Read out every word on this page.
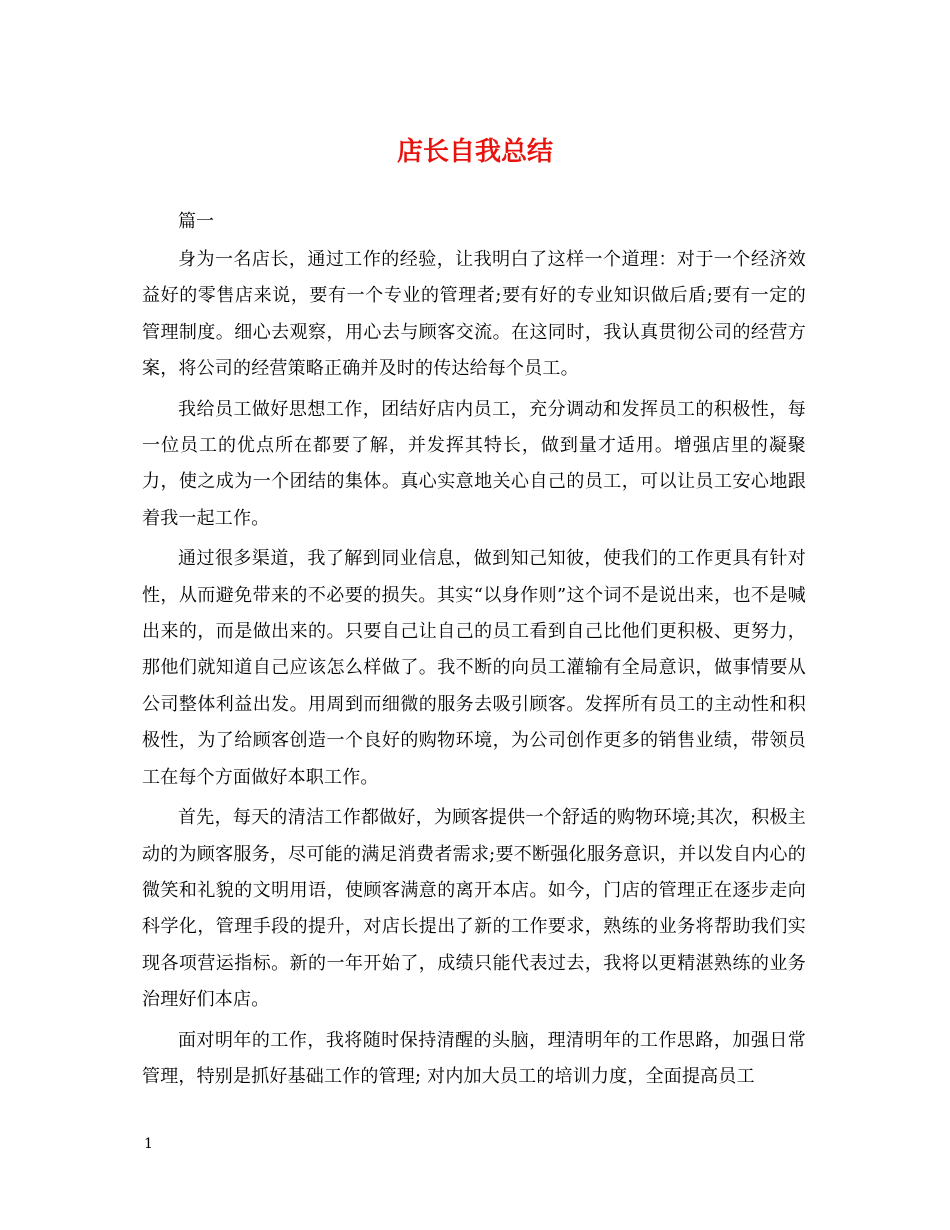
店长自我总结
篇一

身为一名店长，通过工作的经验，让我明白了这样一个道理：对于一个经济效益好的零售店来说，要有一个专业的管理者;要有好的专业知识做后盾;要有一定的管理制度。细心去观察，用心去与顾客交流。在这同时，我认真贯彻公司的经营方案，将公司的经营策略正确并及时的传达给每个员工。

我给员工做好思想工作，团结好店内员工，充分调动和发挥员工的积极性，每一位员工的优点所在都要了解，并发挥其特长，做到量才适用。增强店里的凝聚力，使之成为一个团结的集体。真心实意地关心自己的员工，可以让员工安心地跟着我一起工作。

通过很多渠道，我了解到同业信息，做到知己知彼，使我们的工作更具有针对性，从而避免带来的不必要的损失。其实“以身作则”这个词不是说出来，也不是喊出来的，而是做出来的。只要自己让自己的员工看到自己比他们更积极、更努力，那他们就知道自己应该怎么样做了。我不断的向员工灌输有全局意识，做事情要从公司整体利益出发。用周到而细微的服务去吸引顾客。发挥所有员工的主动性和积极性，为了给顾客创造一个良好的购物环境，为公司创作更多的销售业绩，带领员工在每个方面做好本职工作。

首先，每天的清洁工作都做好，为顾客提供一个舒适的购物环境;其次，积极主动的为顾客服务，尽可能的满足消费者需求;要不断强化服务意识，并以发自内心的微笑和礼貌的文明用语，使顾客满意的离开本店。如今，门店的管理正在逐步走向科学化，管理手段的提升，对店长提出了新的工作要求，熟练的业务将帮助我们实现各项营运指标。新的一年开始了，成绩只能代表过去，我将以更精湛熟练的业务治理好们本店。

面对明年的工作，我将随时保持清醒的头脑，理清明年的工作思路，加强日常管理，特别是抓好基础工作的管理; 对内加大员工的培训力度，全面提高员工

1
